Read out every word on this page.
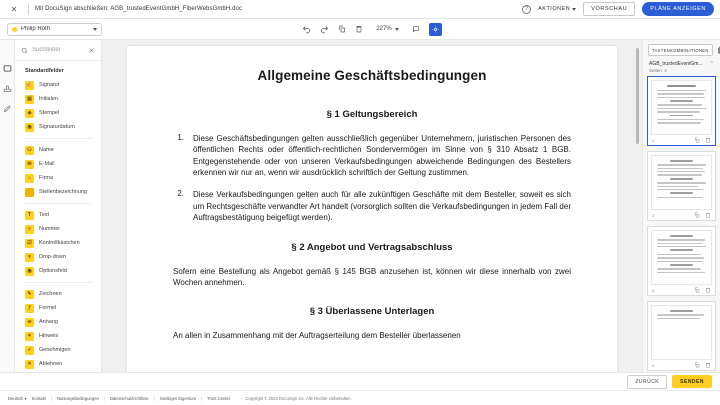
✕	Mit DocuSign abschließen: AGB_trustedEventGmbH_FiberWebsGmbH.doc	?	AKTIONEN	VORSCHAU	PLÄNE ANZEIGEN
Philip Roth	227%
Suchfelder
Standardfelder
✍ Signatur
▤	Initialen
◈	Stempel
◉	Signaturdatum
⚇	Name
✉	E-Mail
⌂	Firma
Stellenbezeichnung
T	Text
≡	Nummer
☑	Kontrollkästchen
▾	Drop-down
◉	Optionsfeld
✎	Zeichnen
ƒ	Formel
⌯	Anhang
✦	Hinweis
✓	Genehmigen
✕	Ablehnen
Allgemeine Geschäftsbedingungen
§ 1 Geltungsbereich
1. Diese Geschäftsbedingungen gelten ausschließlich gegenüber Unternehmern, juristischen Personen des öffentlichen Rechts oder öffentlich-rechtlichen Sondervermögen im Sinne von § 310 Absatz 1 BGB. Entgegenstehende oder von unseren Verkaufsbedingungen abweichende Bedingungen des Bestellers erkennen wir nur an, wenn wir ausdrücklich schriftlich der Geltung zustimmen.
2. Diese Verkaufsbedingungen gelten auch für alle zukünftigen Geschäfte mit dem Besteller, soweit es sich um Rechtsgeschäfte verwandter Art handelt (vorsorglich sollten die Verkaufsbedingungen in jedem Fall der Auftragsbestätigung beigefügt werden).
§ 2 Angebot und Vertragsabschluss
Sofern eine Bestellung als Angebot gemäß § 145 BGB anzusehen ist, können wir diese innerhalb von zwei Wochen annehmen.
§ 3 Überlassene Unterlagen
An allen in Zusammenhang mit der Auftragserteilung dem Besteller überlassenen
TASTENKOMBINATIONEN
AGB_trustedEventGm...	⌃
Seiten: 4
1
2
3
4
ZURÜCK	SENDEN
Deutsch ▾ Kontakt | Nutzungsbedingungen | Datenschutzrichtlinie | Geistiges Eigentum | Trust Center	Copyright © 2024 DocuSign Inc. Alle Rechte vorbehalten.
